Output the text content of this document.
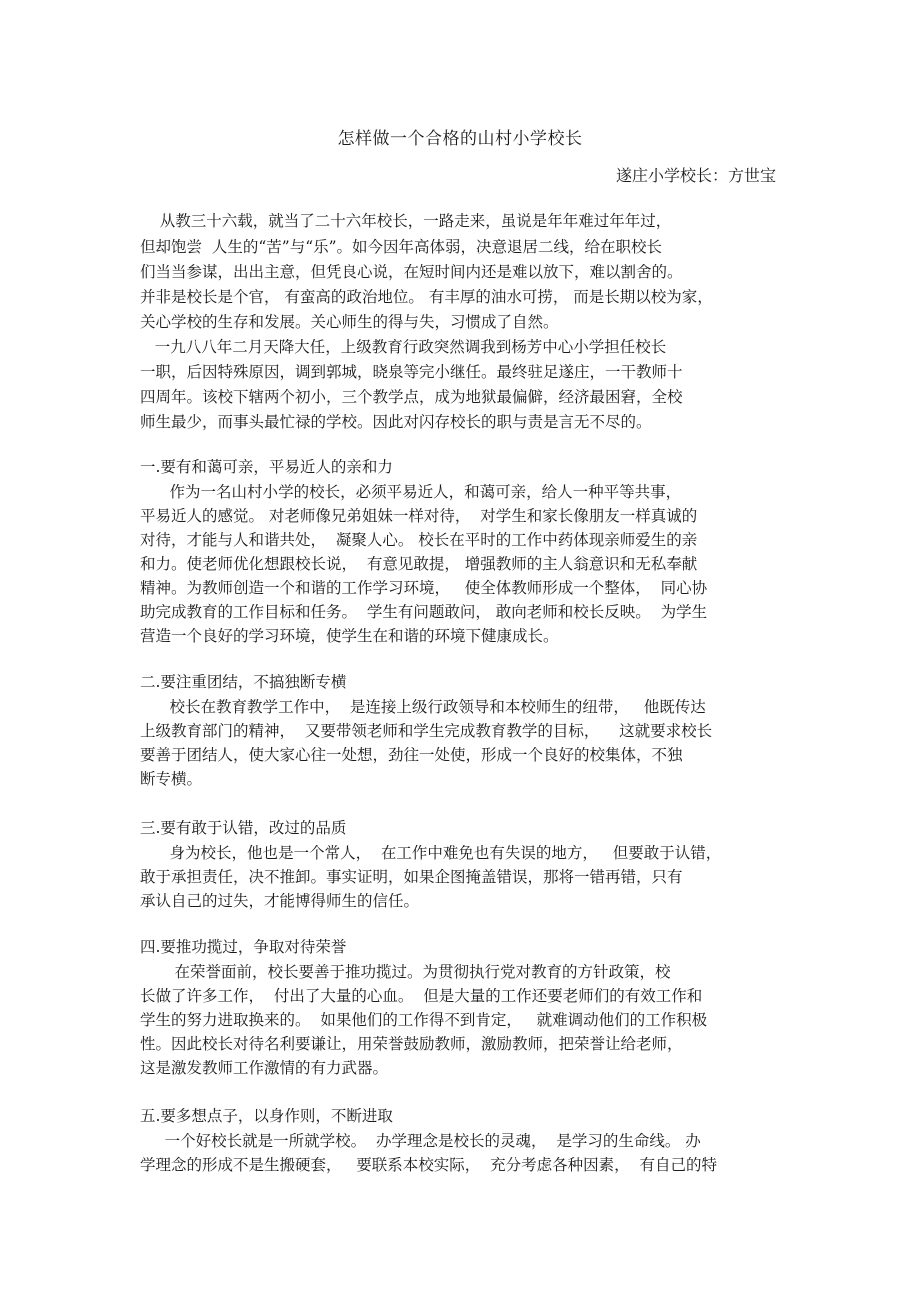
怎样做一个合格的山村小学校长
遂庄小学校长：方世宝
从教三十六载，就当了二十六年校长，一路走来，虽说是年年难过年年过，
但却饱尝  人生的“苦”与“乐”。如今因年高体弱，决意退居二线，给在职校长
们当当参谋，出出主意，但凭良心说，在短时间内还是难以放下，难以割舍的。
并非是校长是个官， 有蛮高的政治地位。 有丰厚的油水可捞， 而是长期以校为家，
关心学校的生存和发展。关心师生的得与失，习惯成了自然。
一九八八年二月天降大任，上级教育行政突然调我到杨芳中心小学担任校长
一职，后因特殊原因，调到郭城，晓泉等完小继任。最终驻足遂庄，一干教师十
四周年。该校下辖两个初小，三个教学点，成为地狱最偏僻，经济最困窘，全校
师生最少，而事头最忙禄的学校。因此对闪存校长的职与责是言无不尽的。
一.要有和蔼可亲，平易近人的亲和力
作为一名山村小学的校长，必须平易近人，和蔼可亲，给人一种平等共事，
平易近人的感觉。 对老师像兄弟姐妹一样对待，  对学生和家长像朋友一样真诚的
对待，才能与人和谐共处，  凝聚人心。 校长在平时的工作中药体现亲师爱生的亲
和力。使老师优化想跟校长说，  有意见敢提， 增强教师的主人翁意识和无私奉献
精神。为教师创造一个和谐的工作学习环境，   使全体教师形成一个整体，  同心协
助完成教育的工作目标和任务。  学生有问题敢问， 敢向老师和校长反映。  为学生
营造一个良好的学习环境，使学生在和谐的环境下健康成长。
二.要注重团结，不搞独断专横
校长在教育教学工作中，  是连接上级行政领导和本校师生的纽带，   他既传达
上级教育部门的精神，  又要带领老师和学生完成教育教学的目标，    这就要求校长
要善于团结人，使大家心往一处想，劲往一处使，形成一个良好的校集体，不独
断专横。
三.要有敢于认错，改过的品质
身为校长，他也是一个常人，  在工作中难免也有失误的地方，   但要敢于认错，
敢于承担责任，决不推卸。事实证明，如果企图掩盖错误，那将一错再错，只有
承认自己的过失，才能博得师生的信任。
四.要推功揽过，争取对待荣誉
在荣誉面前，校长要善于推功揽过。为贯彻执行党对教育的方针政策，校
长做了许多工作，  付出了大量的心血。  但是大量的工作还要老师们的有效工作和
学生的努力进取换来的。  如果他们的工作得不到肯定，   就难调动他们的工作积极
性。因此校长对待名利要谦让，用荣誉鼓励教师，激励教师，把荣誉让给老师，
这是激发教师工作激情的有力武器。
五.要多想点子，以身作则，不断进取
一个好校长就是一所就学校。  办学理念是校长的灵魂，  是学习的生命线。 办
学理念的形成不是生搬硬套，   要联系本校实际，  充分考虑各种因素，  有自己的特
